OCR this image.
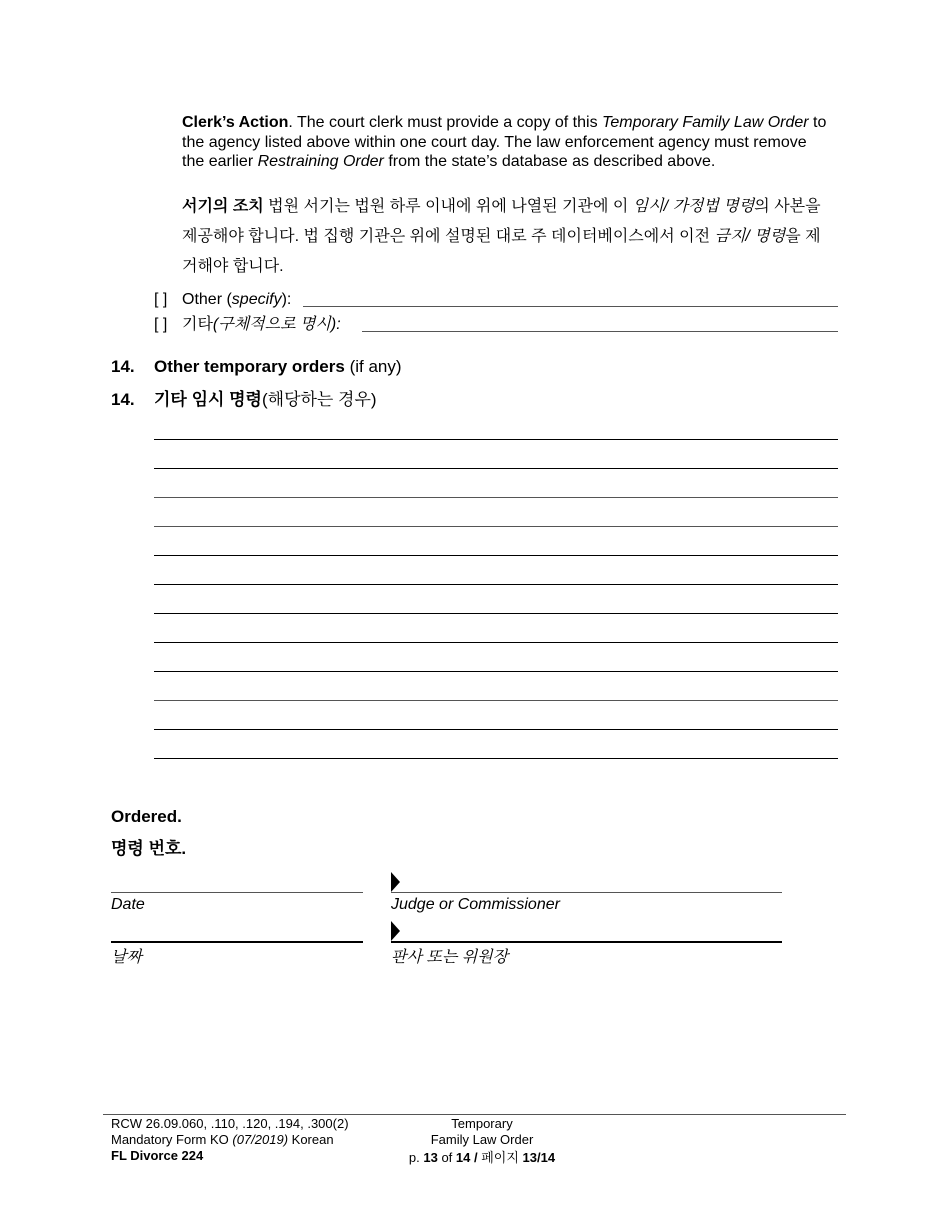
Clerk’s Action. The court clerk must provide a copy of this Temporary Family Law Order to the agency listed above within one court day. The law enforcement agency must remove the earlier Restraining Order from the state’s database as described above.
서기의 조치 법원 서기는 법원 하루 이내에 위에 나열된 기관에 이 임시/ 가정법 명령의 사본을 제공해야 합니다. 법 집행 기관은 위에 설명된 대로 주 데이터베이스에서 이전 금지/ 명령을 제거해야 합니다.
[ ] Other (specify):
[ ] 기타(구체적으로 명시):
14. Other temporary orders (if any)
14. 기타 임시 명령(해당하는 경우)
Ordered.
명령 번호.
Date	Judge or Commissioner
날짜	판사 또는 위원장
RCW 26.09.060, .110, .120, .194, .300(2)
Mandatory Form KO (07/2019) Korean
FL Divorce 224
Temporary
Family Law Order
p. 13 of 14 / 페이지 13/14
